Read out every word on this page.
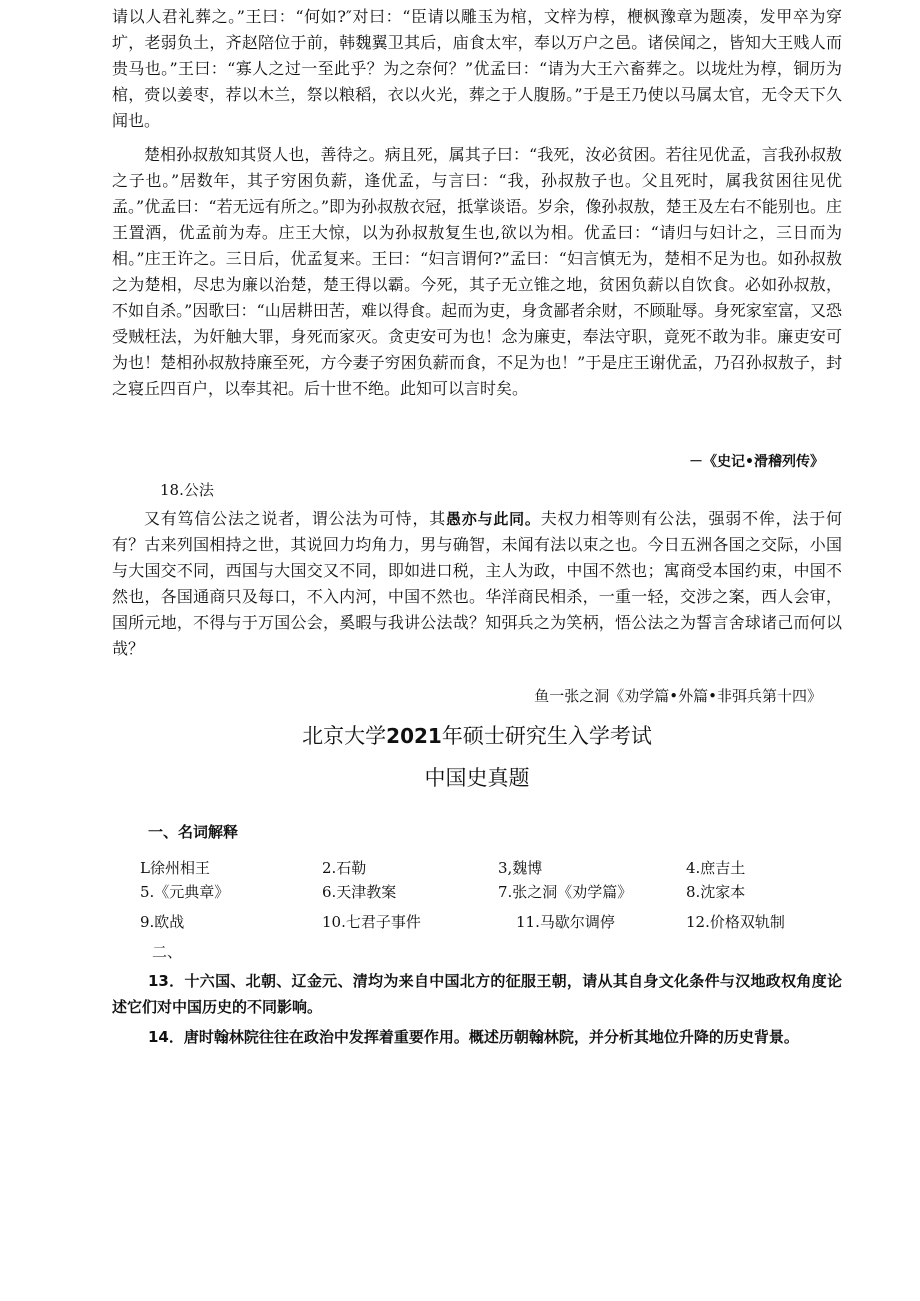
请以人君礼葬之。”王曰：“何如?″对曰：“臣请以雕玉为棺，文梓为椁，楩枫豫章为题凑，发甲卒为穿圹，老弱负土，齐赵陪位于前，韩魏翼卫其后，庙食太牢，奉以万户之邑。诸侯闻之，皆知大王贱人而贵马也。”王曰：“寡人之过一至此乎？为之奈何？”优孟曰：“请为大王六畜葬之。以垅灶为椁，铜历为棺，赍以姜枣，荐以木兰，祭以粮稻，衣以火光，葬之于人腹肠。”于是王乃使以马属太官，无令天下久闻也。

楚相孙叔敖知其贤人也，善待之。病且死，属其子曰：“我死，汝必贫困。若往见优孟，言我孙叔敖之子也。”居数年，其子穷困负薪，逢优孟，与言曰：“我，孙叔敖子也。父且死时，属我贫困往见优孟。”优孟曰：“若无远有所之。”即为孙叔敖衣冠，抵掌谈语。岁余，像孙叔敖，楚王及左右不能别也。庄王置酒，优孟前为寿。庄王大惊，以为孙叔敖复生也,欲以为相。优孟曰：“请归与妇计之，三日而为相。”庄王许之。三日后，优孟复来。王曰：“妇言谓何?”孟曰：“妇言慎无为，楚相不足为也。如孙叔敖之为楚相，尽忠为廉以治楚，楚王得以霸。今死，其子无立锥之地，贫困负薪以自饮食。必如孙叔敖，不如自杀。”因歌曰：“山居耕田苦，难以得食。起而为吏，身贪鄙者余财，不顾耻辱。身死家室富，又恐受贼枉法，为奸触大罪，身死而家灭。贪吏安可为也！念为廉吏，奉法守职，竟死不敢为非。廉吏安可为也！楚相孙叔敖持廉至死，方今妻子穷困负薪而食，不足为也！”于是庄王谢优孟，乃召孙叔敖子，封之寝丘四百户，以奉其祀。后十世不绝。此知可以言时矣。

－《史记•滑稽列传》
18.公法

又有笃信公法之说者，谓公法为可恃，其愚亦与此同。夫权力相等则有公法，强弱不侔，法于何有？古来列国相持之世，其说回力均角力，男与确智，未闻有法以束之也。今日五洲各国之交际，小国与大国交不同，西国与大国交又不同，即如进口税，主人为政，中国不然也；寓商受本国约束，中国不然也，各国通商只及每口，不入内河，中国不然也。华洋商民相杀，一重一轻，交涉之案，西人会审，国所元地，不得与于万国公会，奚暇与我讲公法哉？知弭兵之为笑柄，悟公法之为誓言舍球诸己而何以哉？

鱼一张之洞《劝学篇•外篇•非弭兵第十四》
北京大学2021年硕士研究生入学考试
中国史真题
一、名词解释
L徐州相王	2.石勒	3,魏博	4.庶吉土
5.《元典章》	6.天津教案	7.张之洞《劝学篇》	8.沈家本
9.欧战	10.七君子事件	11.马歇尔调停	12.价格双轨制
二、

13．十六国、北朝、辽金元、清均为来自中国北方的征服王朝，请从其自身文化条件与汉地政权角度论述它们对中国历史的不同影响。

14．唐时翰林院往往在政治中发挥着重要作用。概述历朝翰林院，并分析其地位升降的历史背景。
